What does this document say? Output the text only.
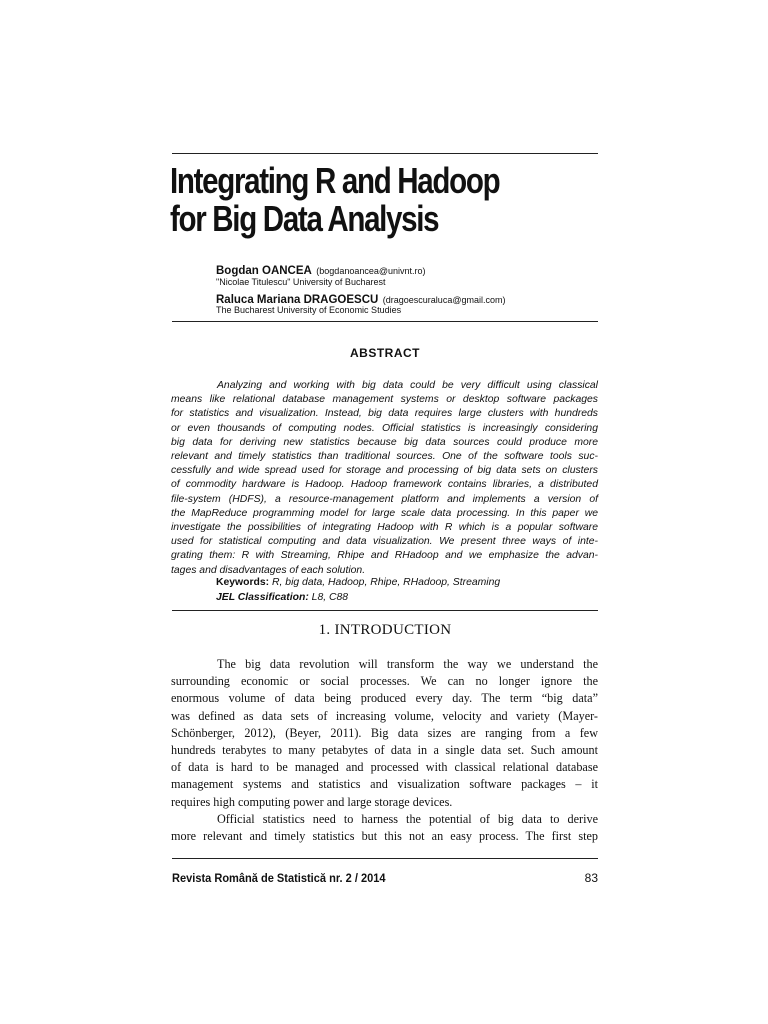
Integrating R and Hadoop
for Big Data Analysis
Bogdan OANCEA (bogdanoancea@univnt.ro)
"Nicolae Titulescu" University of Bucharest
Raluca Mariana DRAGOESCU (dragoescuraluca@gmail.com)
The Bucharest University of Economic Studies
ABSTRACT
Analyzing and working with big data could be very difficult using classical
means like relational database management systems or desktop software packages
for statistics and visualization. Instead, big data requires large clusters with hundreds
or even thousands of computing nodes. Official statistics is increasingly considering
big data for deriving new statistics because big data sources could produce more
relevant and timely statistics than traditional sources. One of the software tools suc-
cessfully and wide spread used for storage and processing of big data sets on clusters
of commodity hardware is Hadoop. Hadoop framework contains libraries, a distributed
file-system (HDFS), a resource-management platform and implements a version of
the MapReduce programming model for large scale data processing. In this paper we
investigate the possibilities of integrating Hadoop with R which is a popular software
used for statistical computing and data visualization. We present three ways of inte-
grating them: R with Streaming, Rhipe and RHadoop and we emphasize the advan-
tages and disadvantages of each solution.
Keywords: R, big data, Hadoop, Rhipe, RHadoop, Streaming
JEL Classification: L8, C88
1. INTRODUCTION
The big data revolution will transform the way we understand the
surrounding economic or social processes. We can no longer ignore the
enormous volume of data being produced every day. The term “big data”
was defined as data sets of increasing volume, velocity and variety (Mayer-
Schönberger, 2012), (Beyer, 2011). Big data sizes are ranging from a few
hundreds terabytes to many petabytes of data in a single data set. Such amount
of data is hard to be managed and processed with classical relational database
management systems and statistics and visualization software packages – it
requires high computing power and large storage devices.
Official statistics need to harness the potential of big data to derive
more relevant and timely statistics but this not an easy process. The first step
Revista Română de Statistică nr. 2 / 2014	83
